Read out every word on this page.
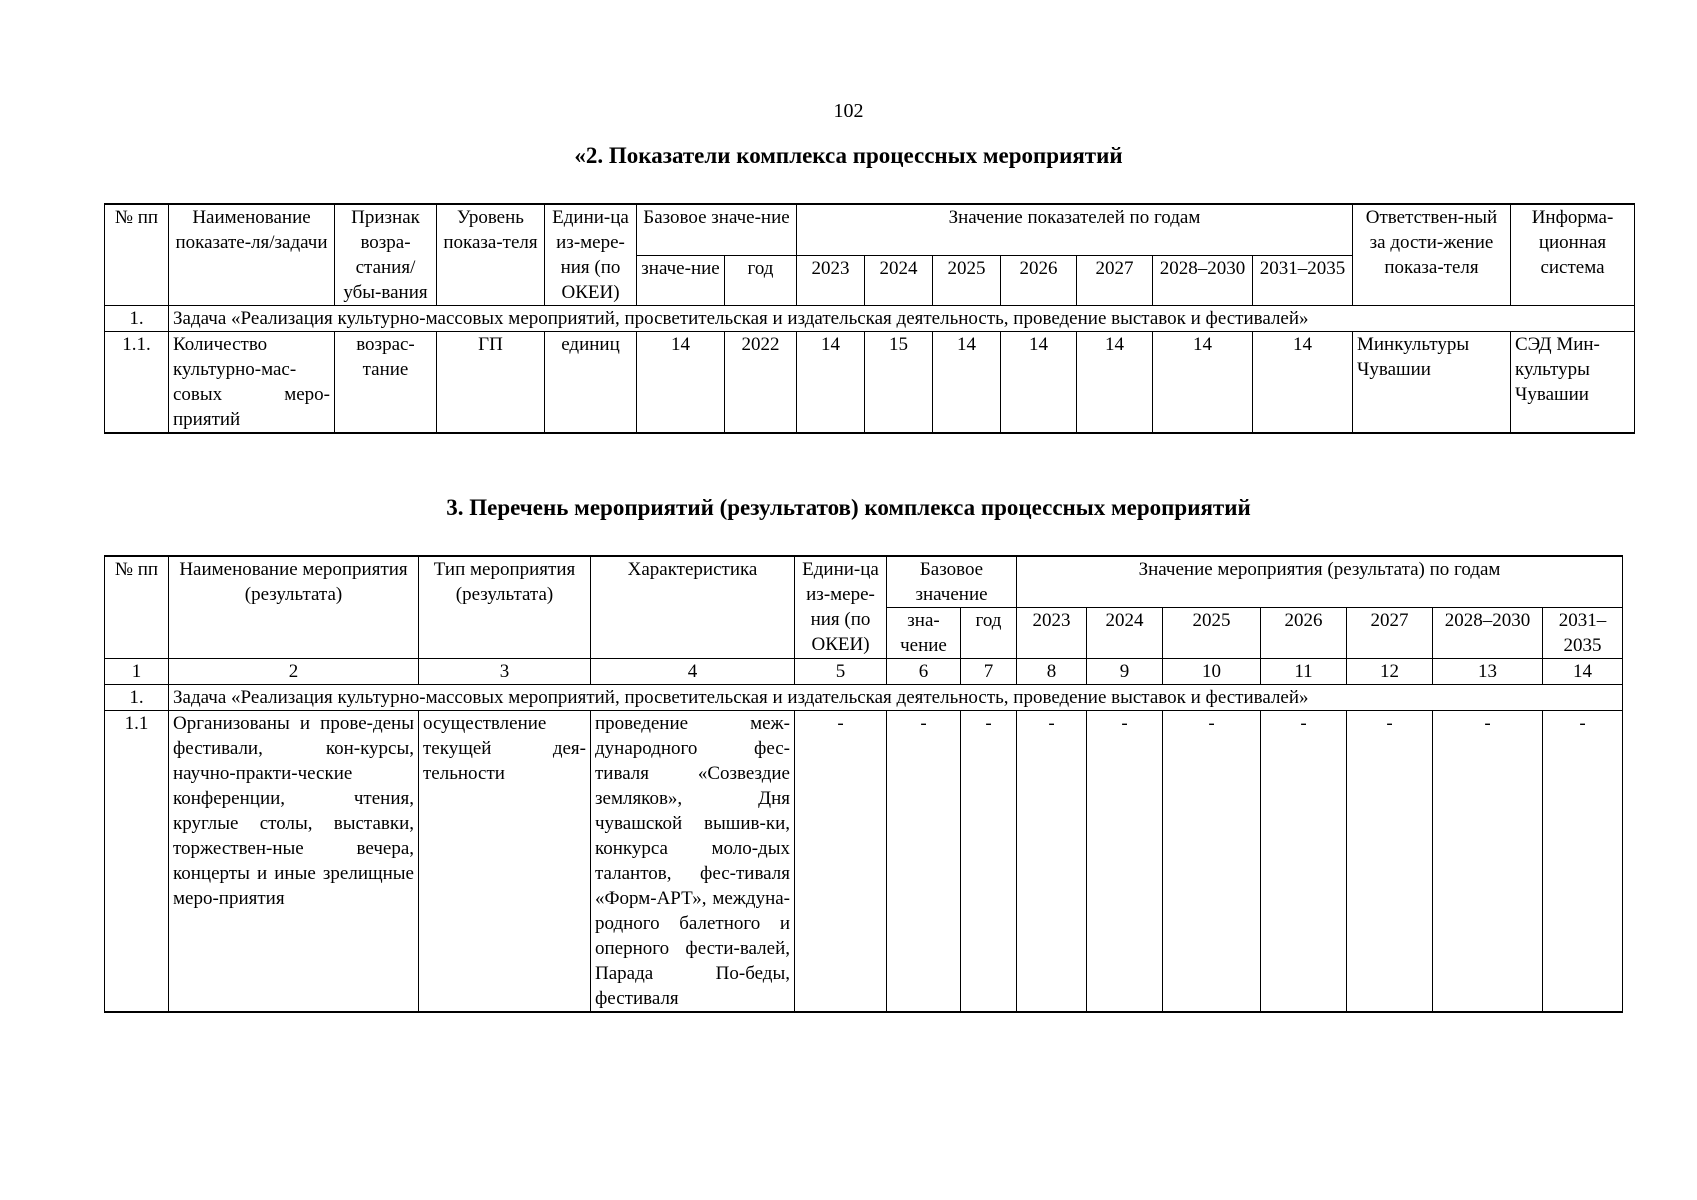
102
«2. Показатели комплекса процессных мероприятий
№ пп	Наименование показате-ля/задачи	Признак возра-стания/ убы-вания	Уровень показа-теля	Едини-ца из-мере-ния (по ОКЕИ)	Базовое значе-ние		Значение показателей по годам							Ответствен-ный за дости-жение показа-теля	Информа-ционная система
					значе-ние	год	2023	2024	2025	2026	2027	2028–2030	2031–2035		
1.	Задача «Реализация культурно-массовых мероприятий, просветительская и издательская деятельность, проведение выставок и фестивалей»														
1.1.	Количество культурно-мас-совых меро-приятий	возрас-тание	ГП	единиц	14	2022	14	15	14	14	14	14	14	Минкультуры Чувашии	СЭД Мин-культуры Чувашии
3. Перечень мероприятий (результатов) комплекса процессных мероприятий
№ пп	Наименование мероприятия (результата)	Тип мероприятия (результата)	Характеристика	Едини-ца из-мере-ния (по ОКЕИ)	Базовое значение		Значение мероприятия (результата) по годам						
					зна-чение	год	2023	2024	2025	2026	2027	2028–2030	2031–2035
1	2	3	4	5	6	7	8	9	10	11	12	13	14
1.	Задача «Реализация культурно-массовых мероприятий, просветительская и издательская деятельность, проведение выставок и фестивалей»												
1.1	Организованы и прове-дены фестивали, кон-курсы, научно-практи-ческие конференции, чтения, круглые столы, выставки, торжествен-ные вечера, концерты и иные зрелищные меро-приятия	осуществление текущей дея-тельности	проведение меж-дународного фес-тиваля «Созвездие земляков», Дня чувашской вышив-ки, конкурса моло-дых талантов, фес-тиваля «Форм-АРТ», междуна-родного балетного и оперного фести-валей, Парада По-беды, фестиваля	-	-	-	-	-	-	-	-	-	-
